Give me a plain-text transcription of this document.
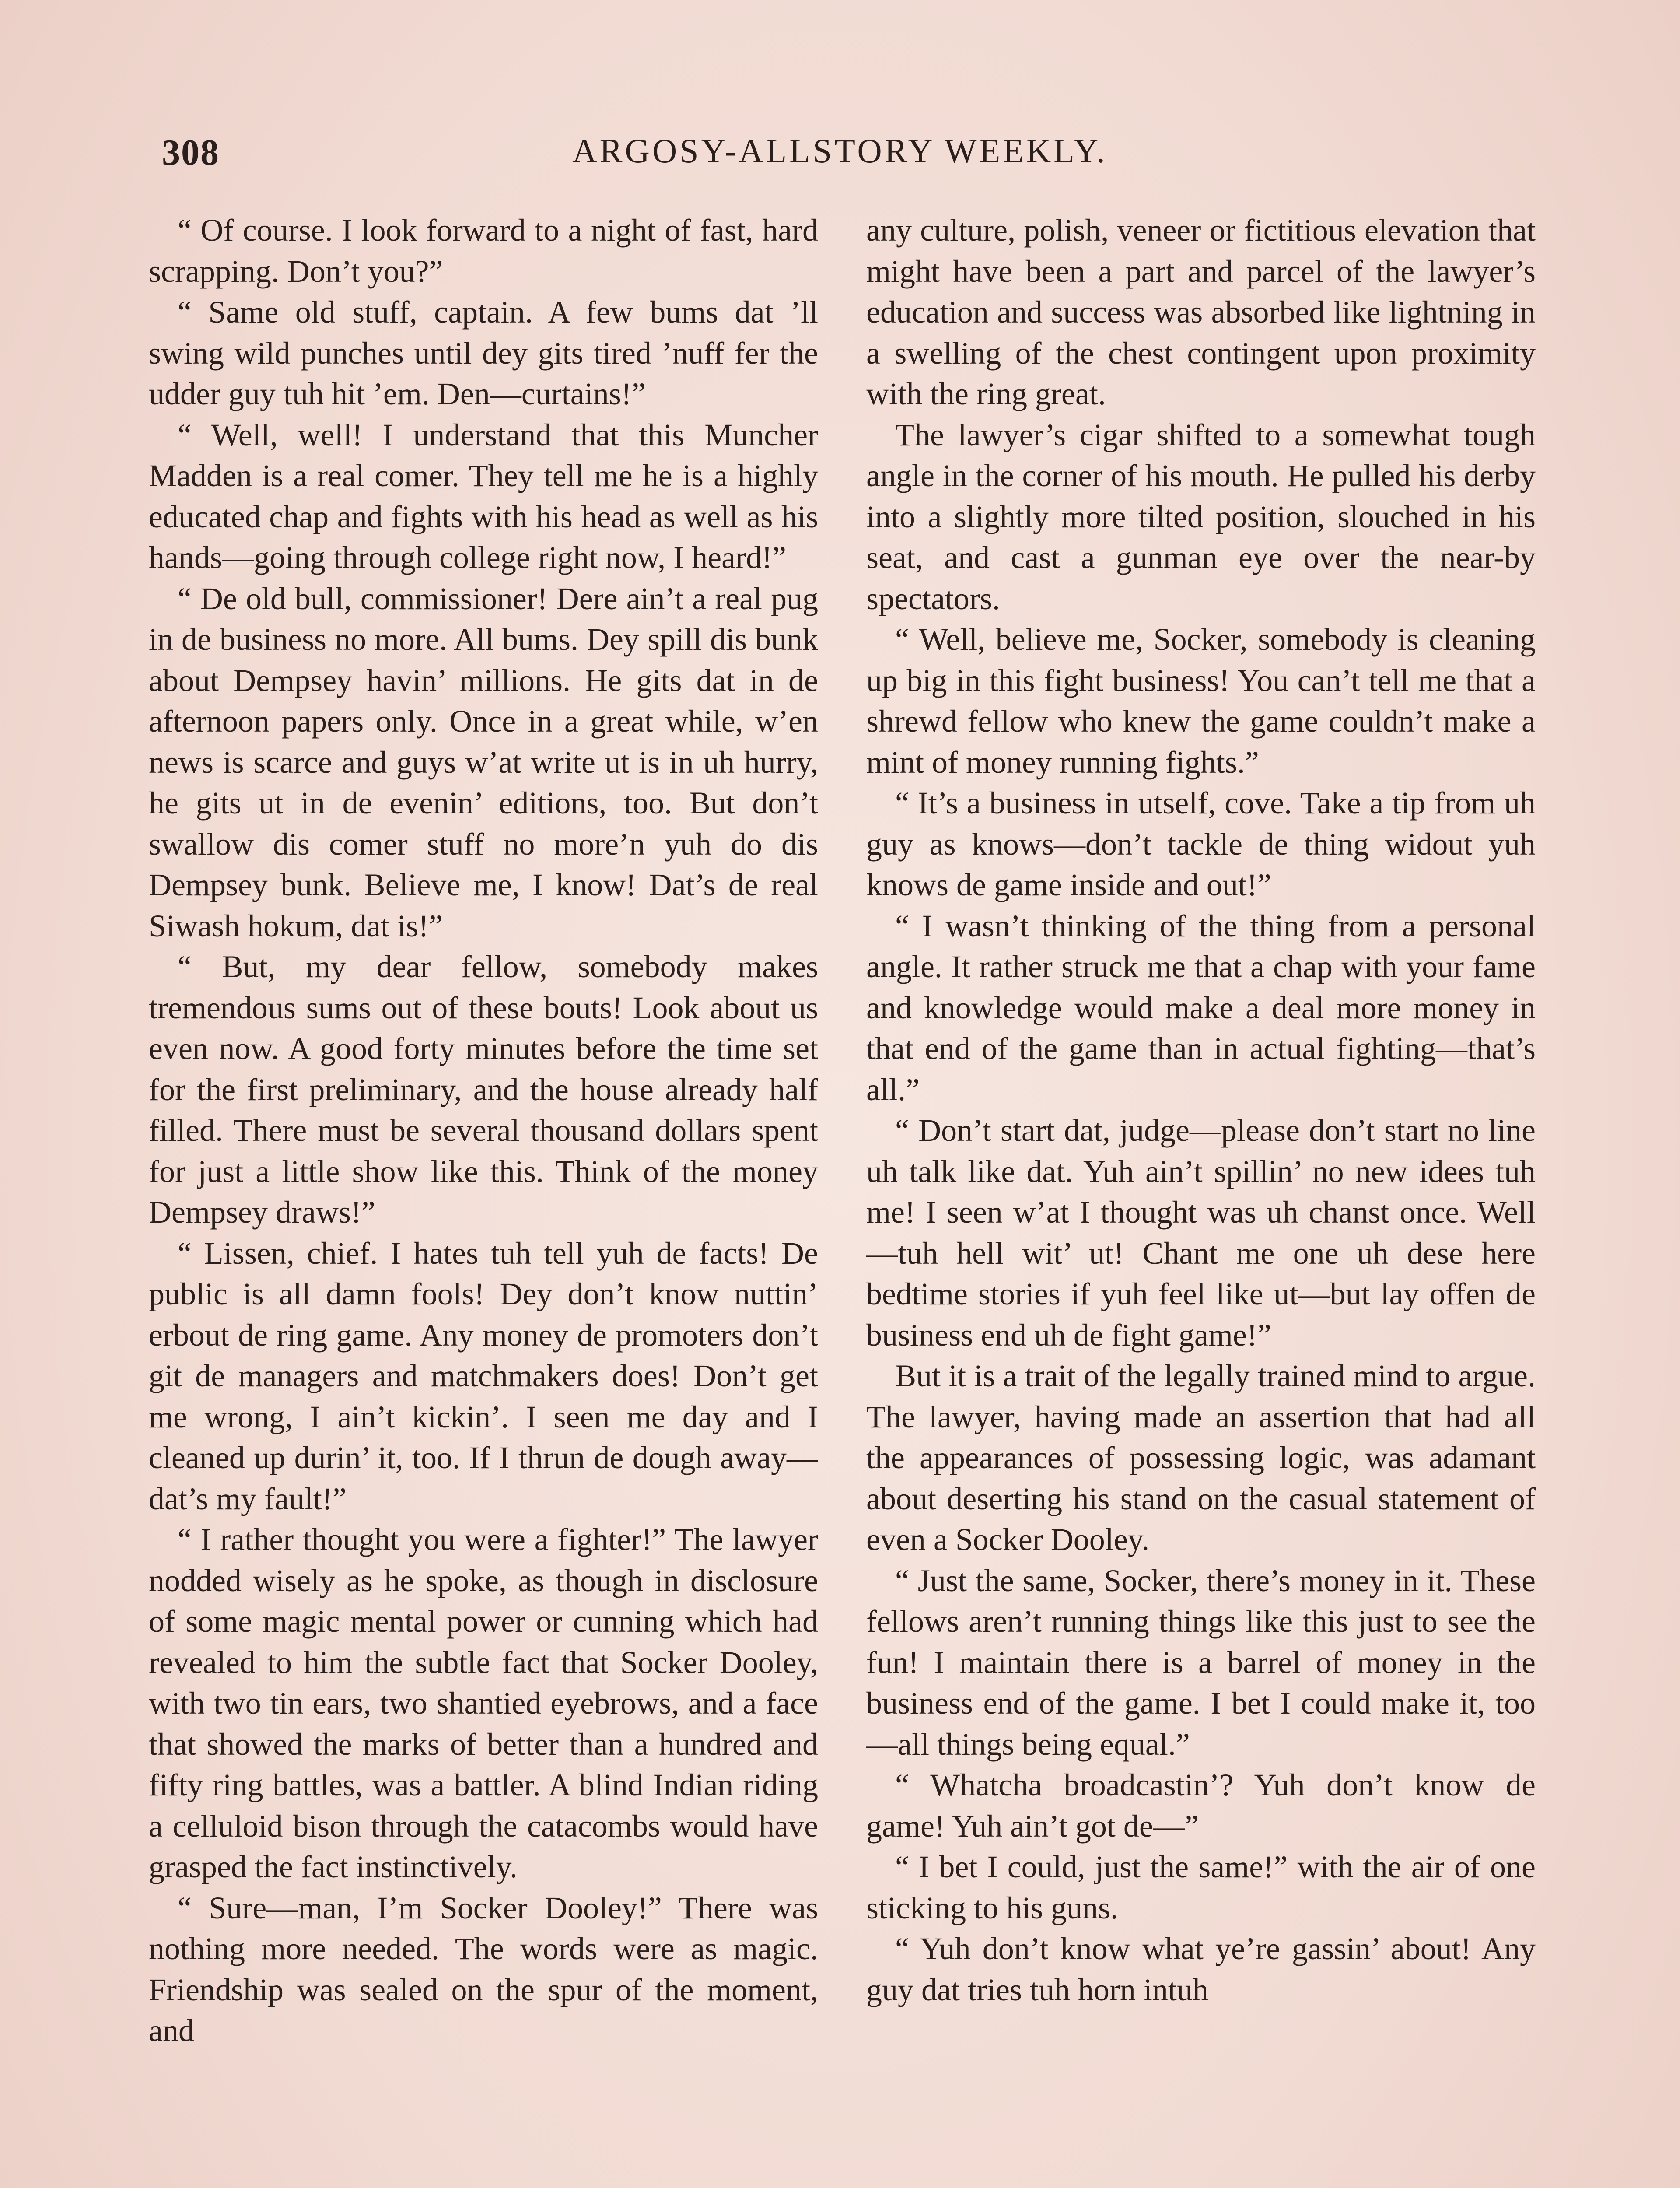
308	ARGOSY-ALLSTORY WEEKLY.

“ Of course. I look forward to a night of fast, hard scrapping. Don’t you?”

“ Same old stuff, captain. A few bums dat ’ll swing wild punches until dey gits tired ’nuff fer the udder guy tuh hit ’em. Den—curtains!”

“ Well, well! I understand that this Muncher Madden is a real comer. They tell me he is a highly educated chap and fights with his head as well as his hands—going through college right now, I heard!”

“ De old bull, commissioner! Dere ain’t a real pug in de business no more. All bums. Dey spill dis bunk about Dempsey havin’ millions. He gits dat in de afternoon papers only. Once in a great while, w’en news is scarce and guys w’at write ut is in uh hurry, he gits ut in de evenin’ editions, too. But don’t swallow dis comer stuff no more’n yuh do dis Dempsey bunk. Believe me, I know! Dat’s de real Siwash hokum, dat is!”

“ But, my dear fellow, somebody makes tremendous sums out of these bouts! Look about us even now. A good forty minutes before the time set for the first preliminary, and the house already half filled. There must be several thousand dollars spent for just a little show like this. Think of the money Dempsey draws!”

“ Lissen, chief. I hates tuh tell yuh de facts! De public is all damn fools! Dey don’t know nuttin’ erbout de ring game. Any money de promoters don’t git de managers and matchmakers does! Don’t get me wrong, I ain’t kickin’. I seen me day and I cleaned up durin’ it, too. If I thrun de dough away—dat’s my fault!”

“ I rather thought you were a fighter!” The lawyer nodded wisely as he spoke, as though in disclosure of some magic mental power or cunning which had revealed to him the subtle fact that Socker Dooley, with two tin ears, two shantied eyebrows, and a face that showed the marks of better than a hundred and fifty ring battles, was a battler. A blind Indian riding a celluloid bison through the catacombs would have grasped the fact instinctively.

“ Sure—man, I’m Socker Dooley!” There was nothing more needed. The words were as magic. Friendship was sealed on the spur of the moment, and

any culture, polish, veneer or fictitious elevation that might have been a part and parcel of the lawyer’s education and success was absorbed like lightning in a swelling of the chest contingent upon proximity with the ring great.

The lawyer’s cigar shifted to a somewhat tough angle in the corner of his mouth. He pulled his derby into a slightly more tilted position, slouched in his seat, and cast a gunman eye over the near-by spectators.

“ Well, believe me, Socker, somebody is cleaning up big in this fight business! You can’t tell me that a shrewd fellow who knew the game couldn’t make a mint of money running fights.”

“ It’s a business in utself, cove. Take a tip from uh guy as knows—don’t tackle de thing widout yuh knows de game inside and out!”

“ I wasn’t thinking of the thing from a personal angle. It rather struck me that a chap with your fame and knowledge would make a deal more money in that end of the game than in actual fighting—that’s all.”

“ Don’t start dat, judge—please don’t start no line uh talk like dat. Yuh ain’t spillin’ no new idees tuh me! I seen w’at I thought was uh chanst once. Well—tuh hell wit’ ut! Chant me one uh dese here bedtime stories if yuh feel like ut—but lay offen de business end uh de fight game!”

But it is a trait of the legally trained mind to argue. The lawyer, having made an assertion that had all the appearances of possessing logic, was adamant about deserting his stand on the casual statement of even a Socker Dooley.

“ Just the same, Socker, there’s money in it. These fellows aren’t running things like this just to see the fun! I maintain there is a barrel of money in the business end of the game. I bet I could make it, too—all things being equal.”

“ Whatcha broadcastin’? Yuh don’t know de game! Yuh ain’t got de—”

“ I bet I could, just the same!” with the air of one sticking to his guns.

“ Yuh don’t know what ye’re gassin’ about! Any guy dat tries tuh horn intuh
